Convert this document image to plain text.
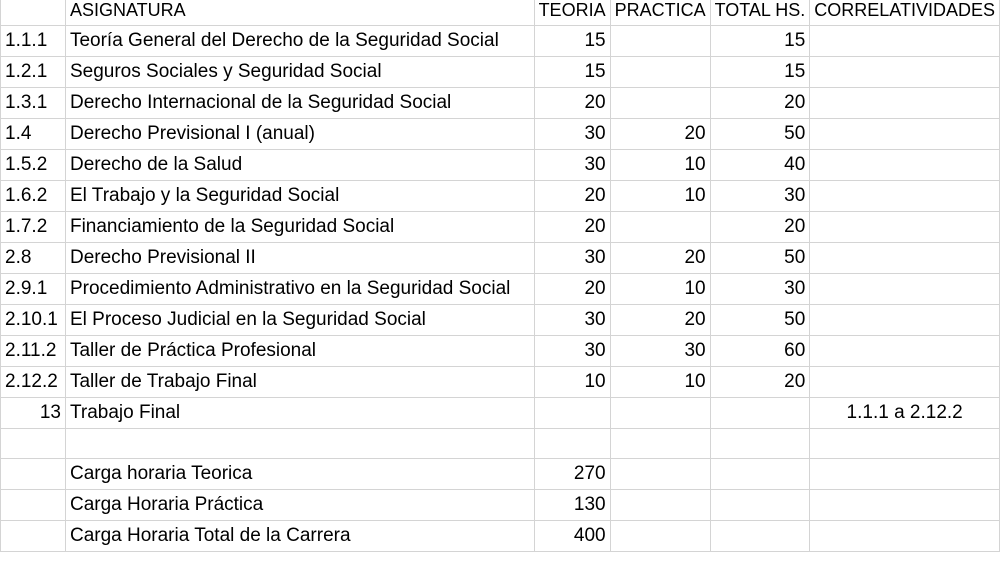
	ASIGNATURA	TEORIA	PRACTICA	TOTAL HS.	CORRELATIVIDADES
1.1.1	Teoría General del Derecho de la Seguridad Social	15		15	
1.2.1	Seguros Sociales y Seguridad Social	15		15	
1.3.1	Derecho Internacional de la Seguridad Social	20		20	
1.4	Derecho Previsional I (anual)	30	20	50	
1.5.2	Derecho de la Salud	30	10	40	
1.6.2	El Trabajo y la Seguridad Social	20	10	30	
1.7.2	Financiamiento de la Seguridad Social	20		20	
2.8	Derecho Previsional II	30	20	50	
2.9.1	Procedimiento Administrativo en la Seguridad Social	20	10	30	
2.10.1	El Proceso Judicial en la Seguridad Social	30	20	50	
2.11.2	Taller de Práctica Profesional	30	30	60	
2.12.2	Taller de Trabajo Final	10	10	20	
13	Trabajo Final				1.1.1 a 2.12.2

	Carga horaria Teorica	270			
	Carga Horaria Práctica	130			
	Carga Horaria Total de la Carrera	400			
